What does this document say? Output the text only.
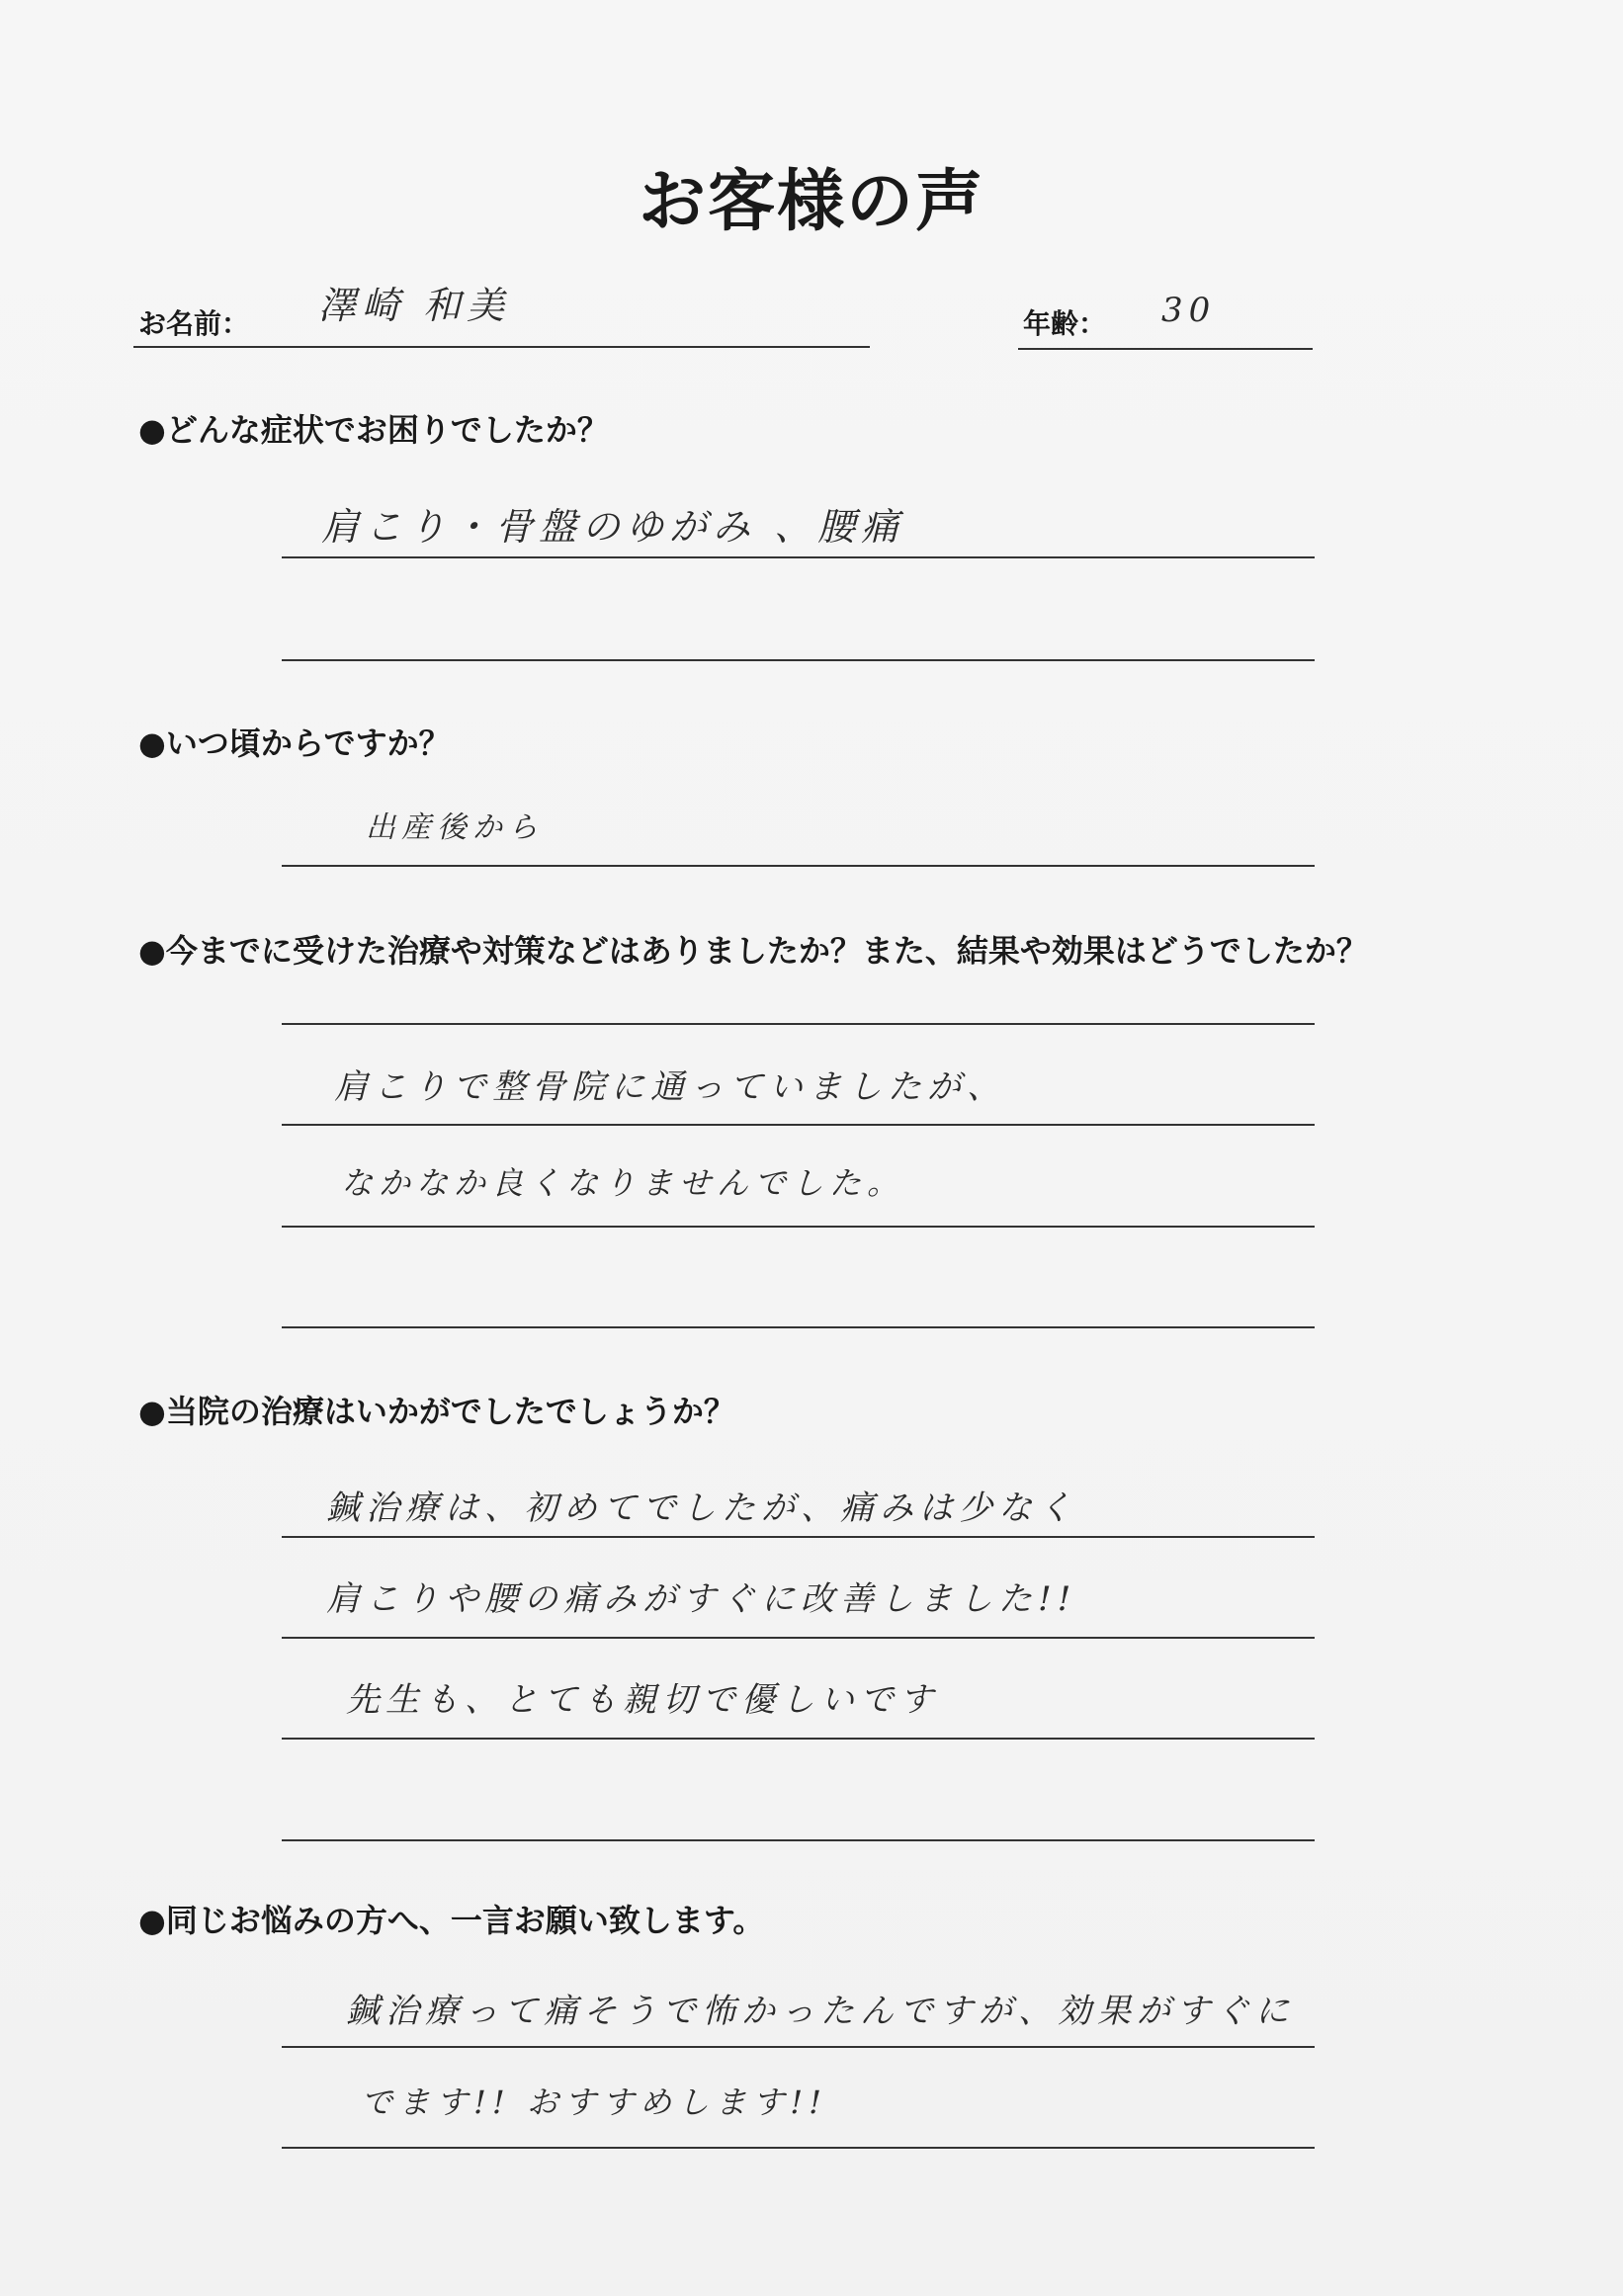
お客様の声
お名前： 澤崎 和美	年齢： 30
●どんな症状でお困りでしたか？
肩こり・骨盤のゆがみ 、腰痛
●いつ頃からですか？
出産後から
●今までに受けた治療や対策などはありましたか？また、結果や効果はどうでしたか？
肩こりで整骨院に通っていましたが、
なかなか良くなりませんでした。
●当院の治療はいかがでしたでしょうか？
鍼治療は、初めてでしたが、痛みは少なく
肩こりや腰の痛みがすぐに改善しました!!
先生も、とても親切で優しいです
●同じお悩みの方へ、一言お願い致します。
鍼治療って痛そうで怖かったんですが、効果がすぐに
でます!! おすすめします!!
